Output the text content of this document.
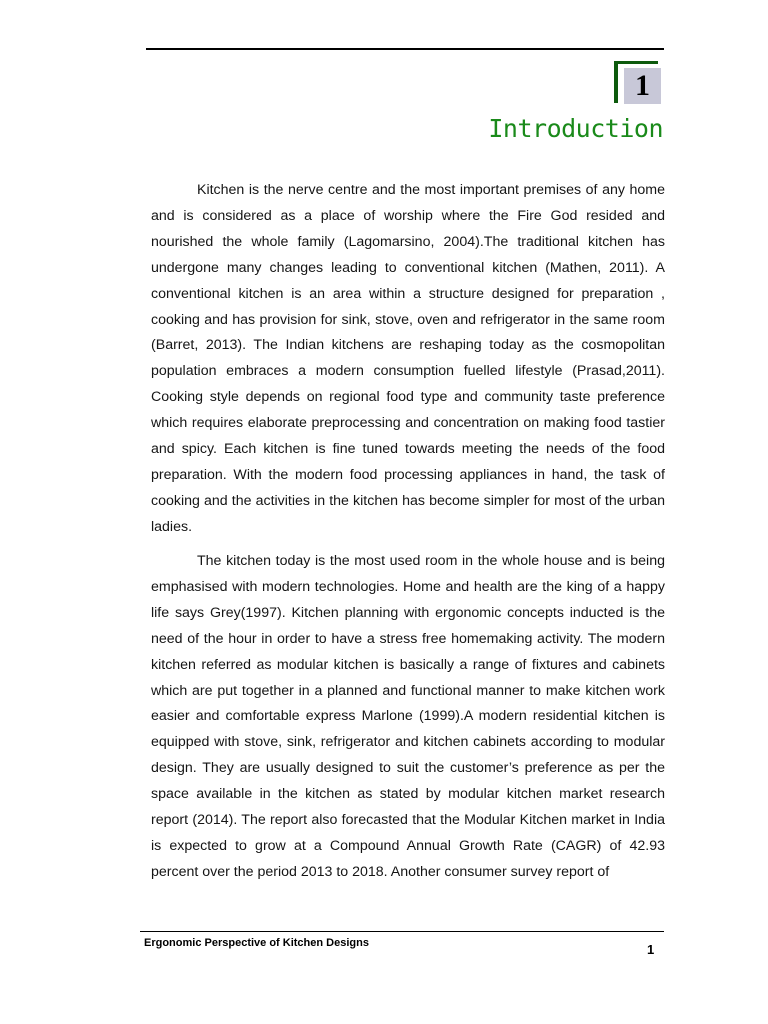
1
Introduction

Kitchen is the nerve centre and the most important premises of any home and is considered as a place of worship where the Fire God resided and nourished the whole family (Lagomarsino, 2004).The traditional kitchen has undergone many changes leading to conventional kitchen (Mathen, 2011). A conventional kitchen is an area within a structure designed for preparation , cooking and has provision for sink, stove, oven and refrigerator in the same room (Barret, 2013). The Indian kitchens are reshaping today as the cosmopolitan population embraces a modern consumption fuelled lifestyle (Prasad,2011). Cooking style depends on regional food type and community taste preference which requires elaborate preprocessing and concentration on making food tastier and spicy. Each kitchen is fine tuned towards meeting the needs of the food preparation. With the modern food processing appliances in hand, the task of cooking and the activities in the kitchen has become simpler for most of the urban ladies.

The kitchen today is the most used room in the whole house and is being emphasised with modern technologies. Home and health are the king of a happy life says Grey(1997). Kitchen planning with ergonomic concepts inducted is the need of the hour in order to have a stress free homemaking activity. The modern kitchen referred as modular kitchen is basically a range of fixtures and cabinets which are put together in a planned and functional manner to make kitchen work easier and comfortable express Marlone (1999).A modern residential kitchen is equipped with stove, sink, refrigerator and kitchen cabinets according to modular design. They are usually designed to suit the customer’s preference as per the space available in the kitchen as stated by modular kitchen market research report (2014). The report also forecasted that the Modular Kitchen market in India is expected to grow at a Compound Annual Growth Rate (CAGR) of 42.93 percent over the period 2013 to 2018. Another consumer survey report of

Ergonomic Perspective of Kitchen Designs	1
